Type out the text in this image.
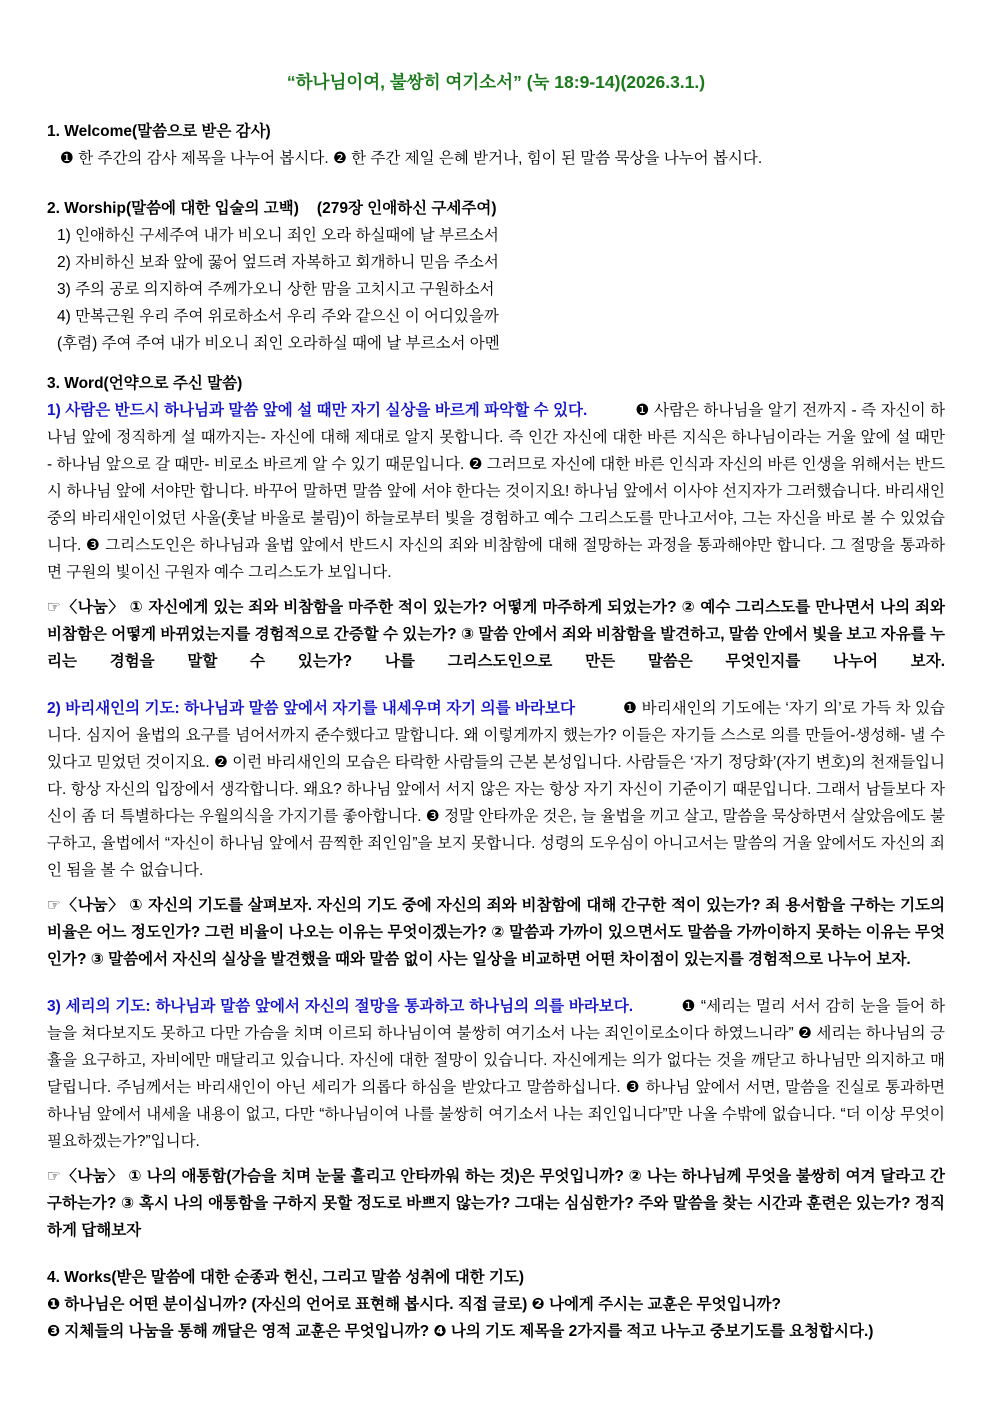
“하나님이여, 불쌍히 여기소서” (눅 18:9-14)(2026.3.1.)
1. Welcome(말씀으로 받은 감사)

❶ 한 주간의 감사 제목을 나누어 봅시다. ❷ 한 주간 제일 은혜 받거나, 힘이 된 말씀 묵상을 나누어 봅시다.

2. Worship(말씀에 대한 입술의 고백) (279장 인애하신 구세주여)

1) 인애하신 구세주여 내가 비오니 죄인 오라 하실때에 날 부르소서

2) 자비하신 보좌 앞에 꿇어 엎드려 자복하고 회개하니 믿음 주소서

3) 주의 공로 의지하여 주께가오니 상한 맘을 고치시고 구원하소서

4) 만복근원 우리 주여 위로하소서 우리 주와 같으신 이 어디있을까

(후렴) 주여 주여 내가 비오니 죄인 오라하실 때에 날 부르소서 아멘

3. Word(언약으로 주신 말씀)

1) 사람은 반드시 하나님과 말씀 앞에 설 때만 자기 실상을 바르게 파악할 수 있다.	❶ 사람은 하나님을 알기 전까지 - 즉 자신이 하나님 앞에 정직하게 설 때까지는- 자신에 대해 제대로 알지 못합니다. 즉 인간 자신에 대한 바른 지식은 하나님이라는 거울 앞에 설 때만 - 하나님 앞으로 갈 때만- 비로소 바르게 알 수 있기 때문입니다. ❷ 그러므로 자신에 대한 바른 인식과 자신의 바른 인생을 위해서는 반드시 하나님 앞에 서야만 합니다. 바꾸어 말하면 말씀 앞에 서야 한다는 것이지요! 하나님 앞에서 이사야 선지자가 그러했습니다. 바리새인 중의 바리새인이었던 사울(훗날 바울로 불림)이 하늘로부터 빛을 경험하고 예수 그리스도를 만나고서야, 그는 자신을 바로 볼 수 있었습니다. ❸ 그리스도인은 하나님과 율법 앞에서 반드시 자신의 죄와 비참함에 대해 절망하는 과정을 통과해야만 합니다. 그 절망을 통과하면 구원의 빛이신 구원자 예수 그리스도가 보입니다.

☞〈나눔〉 ① 자신에게 있는 죄와 비참함을 마주한 적이 있는가? 어떻게 마주하게 되었는가? ② 예수 그리스도를 만나면서 나의 죄와 비참함은 어떻게 바뀌었는지를 경험적으로 간증할 수 있는가? ③ 말씀 안에서 죄와 비참함을 발견하고, 말씀 안에서 빛을 보고 자유를 누리는 경험을 말할 수 있는가? 나를 그리스도인으로 만든 말씀은 무엇인지를 나누어 보자.

2) 바리새인의 기도: 하나님과 말씀 앞에서 자기를 내세우며 자기 의를 바라보다	❶ 바리새인의 기도에는 ‘자기 의’로 가득 차 있습니다. 심지어 율법의 요구를 넘어서까지 준수했다고 말합니다. 왜 이렇게까지 했는가? 이들은 자기들 스스로 의를 만들어-생성해- 낼 수 있다고 믿었던 것이지요. ❷ 이런 바리새인의 모습은 타락한 사람들의 근본 본성입니다. 사람들은 ‘자기 정당화’(자기 변호)의 천재들입니다. 항상 자신의 입장에서 생각합니다. 왜요? 하나님 앞에서 서지 않은 자는 항상 자기 자신이 기준이기 때문입니다. 그래서 남들보다 자신이 좀 더 특별하다는 우월의식을 가지기를 좋아합니다. ❸ 정말 안타까운 것은, 늘 율법을 끼고 살고, 말씀을 묵상하면서 살았음에도 불구하고, 율법에서 “자신이 하나님 앞에서 끔찍한 죄인임”을 보지 못합니다. 성령의 도우심이 아니고서는 말씀의 거울 앞에서도 자신의 죄인 됨을 볼 수 없습니다.

☞〈나눔〉 ① 자신의 기도를 살펴보자. 자신의 기도 중에 자신의 죄와 비참함에 대해 간구한 적이 있는가? 죄 용서함을 구하는 기도의 비율은 어느 정도인가? 그런 비율이 나오는 이유는 무엇이겠는가? ② 말씀과 가까이 있으면서도 말씀을 가까이하지 못하는 이유는 무엇인가? ③ 말씀에서 자신의 실상을 발견했을 때와 말씀 없이 사는 일상을 비교하면 어떤 차이점이 있는지를 경험적으로 나누어 보자.

3) 세리의 기도: 하나님과 말씀 앞에서 자신의 절망을 통과하고 하나님의 의를 바라보다.	❶ “세리는 멀리 서서 감히 눈을 들어 하늘을 쳐다보지도 못하고 다만 가슴을 치며 이르되 하나님이여 불쌍히 여기소서 나는 죄인이로소이다 하였느니라” ❷ 세리는 하나님의 긍휼을 요구하고, 자비에만 매달리고 있습니다. 자신에 대한 절망이 있습니다. 자신에게는 의가 없다는 것을 깨닫고 하나님만 의지하고 매달립니다. 주님께서는 바리새인이 아닌 세리가 의롭다 하심을 받았다고 말씀하십니다. ❸ 하나님 앞에서 서면, 말씀을 진실로 통과하면 하나님 앞에서 내세울 내용이 없고, 다만 “하나님이여 나를 불쌍히 여기소서 나는 죄인입니다”만 나올 수밖에 없습니다. “더 이상 무엇이 필요하겠는가?”입니다.

☞〈나눔〉 ① 나의 애통함(가슴을 치며 눈물 흘리고 안타까워 하는 것)은 무엇입니까? ② 나는 하나님께 무엇을 불쌍히 여겨 달라고 간구하는가? ③ 혹시 나의 애통함을 구하지 못할 정도로 바쁘지 않는가? 그대는 심심한가? 주와 말씀을 찾는 시간과 훈련은 있는가? 정직하게 답해보자

4. Works(받은 말씀에 대한 순종과 헌신, 그리고 말씀 성취에 대한 기도)

❶ 하나님은 어떤 분이십니까? (자신의 언어로 표현해 봅시다. 직접 글로) ❷ 나에게 주시는 교훈은 무엇입니까?

❸ 지체들의 나눔을 통해 깨달은 영적 교훈은 무엇입니까? ❹ 나의 기도 제목을 2가지를 적고 나누고 중보기도를 요청합시다.)
